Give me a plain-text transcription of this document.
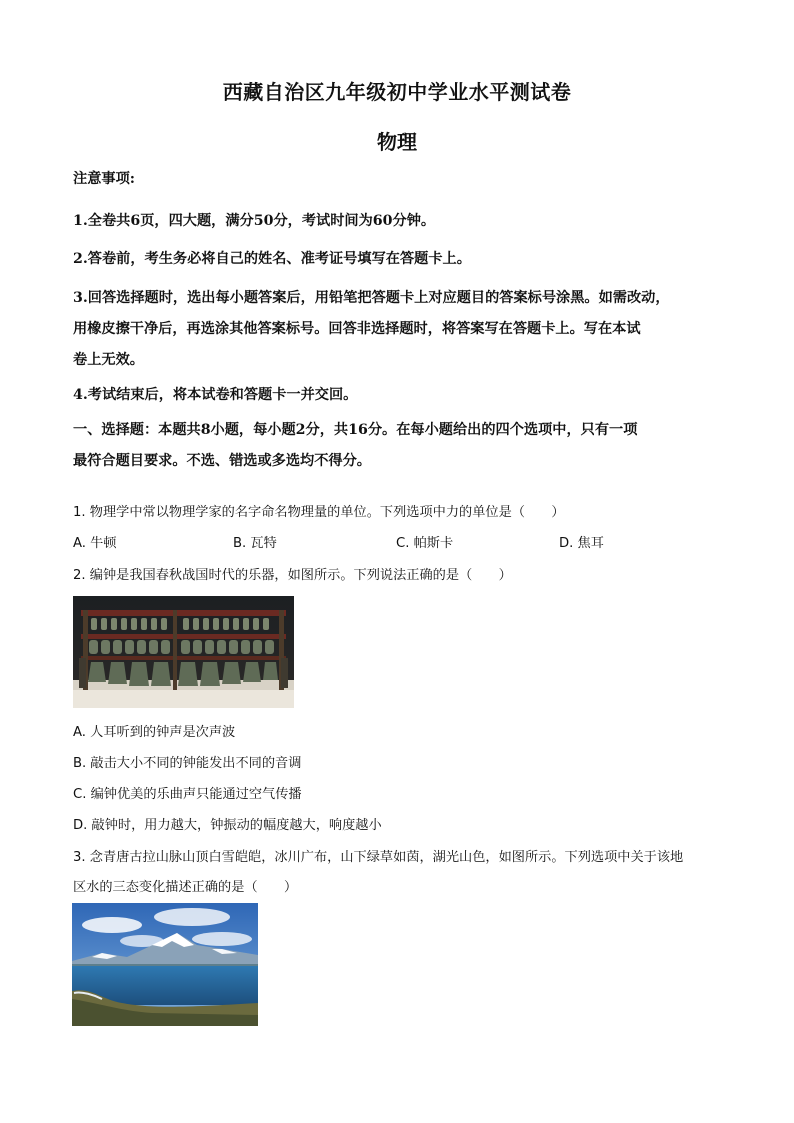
西藏自治区九年级初中学业水平测试卷
物理
注意事项:
1.全卷共6页，四大题，满分50分，考试时间为60分钟。
2.答卷前，考生务必将自己的姓名、准考证号填写在答题卡上。
3.回答选择题时，选出每小题答案后，用铅笔把答题卡上对应题目的答案标号涂黑。如需改动，
用橡皮擦干净后，再选涂其他答案标号。回答非选择题时，将答案写在答题卡上。写在本试
卷上无效。
4.考试结束后，将本试卷和答题卡一并交回。
一、选择题：本题共8小题，每小题2分，共16分。在每小题给出的四个选项中，只有一项
最符合题目要求。不选、错选或多选均不得分。
1. 物理学中常以物理学家的名字命名物理量的单位。下列选项中力的单位是（　　）
A. 牛顿	B. 瓦特	C. 帕斯卡	D. 焦耳
2. 编钟是我国春秋战国时代的乐器，如图所示。下列说法正确的是（　　）
A. 人耳听到的钟声是次声波
B. 敲击大小不同的钟能发出不同的音调
C. 编钟优美的乐曲声只能通过空气传播
D. 敲钟时，用力越大，钟振动的幅度越大，响度越小
3. 念青唐古拉山脉山顶白雪皑皑，冰川广布，山下绿草如茵，湖光山色，如图所示。下列选项中关于该地
区水的三态变化描述正确的是（　　）
